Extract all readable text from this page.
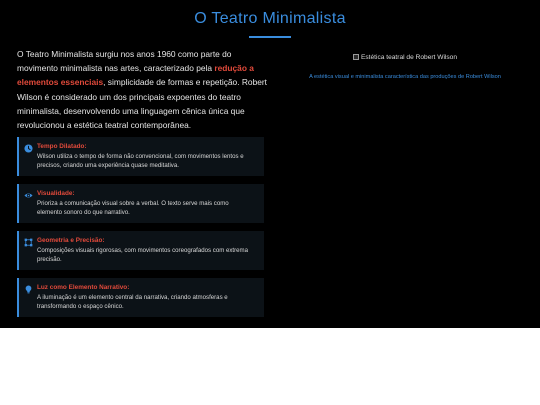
O Teatro Minimalista

O Teatro Minimalista surgiu nos anos 1960 como parte do movimento minimalista nas artes, caracterizado pela redução a elementos essenciais, simplicidade de formas e repetição. Robert Wilson é considerado um dos principais expoentes do teatro minimalista, desenvolvendo uma linguagem cênica única que revolucionou a estética teatral contemporânea.

Estética teatral de Robert Wilson
A estética visual e minimalista característica das produções de Robert Wilson
Tempo Dilatado:
Wilson utiliza o tempo de forma não convencional, com movimentos lentos e precisos, criando uma experiência quase meditativa.
Visualidade:
Prioriza a comunicação visual sobre a verbal. O texto serve mais como elemento sonoro do que narrativo.
Geometria e Precisão:
Composições visuais rigorosas, com movimentos coreografados com extrema precisão.
Luz como Elemento Narrativo:
A iluminação é um elemento central da narrativa, criando atmosferas e transformando o espaço cênico.
